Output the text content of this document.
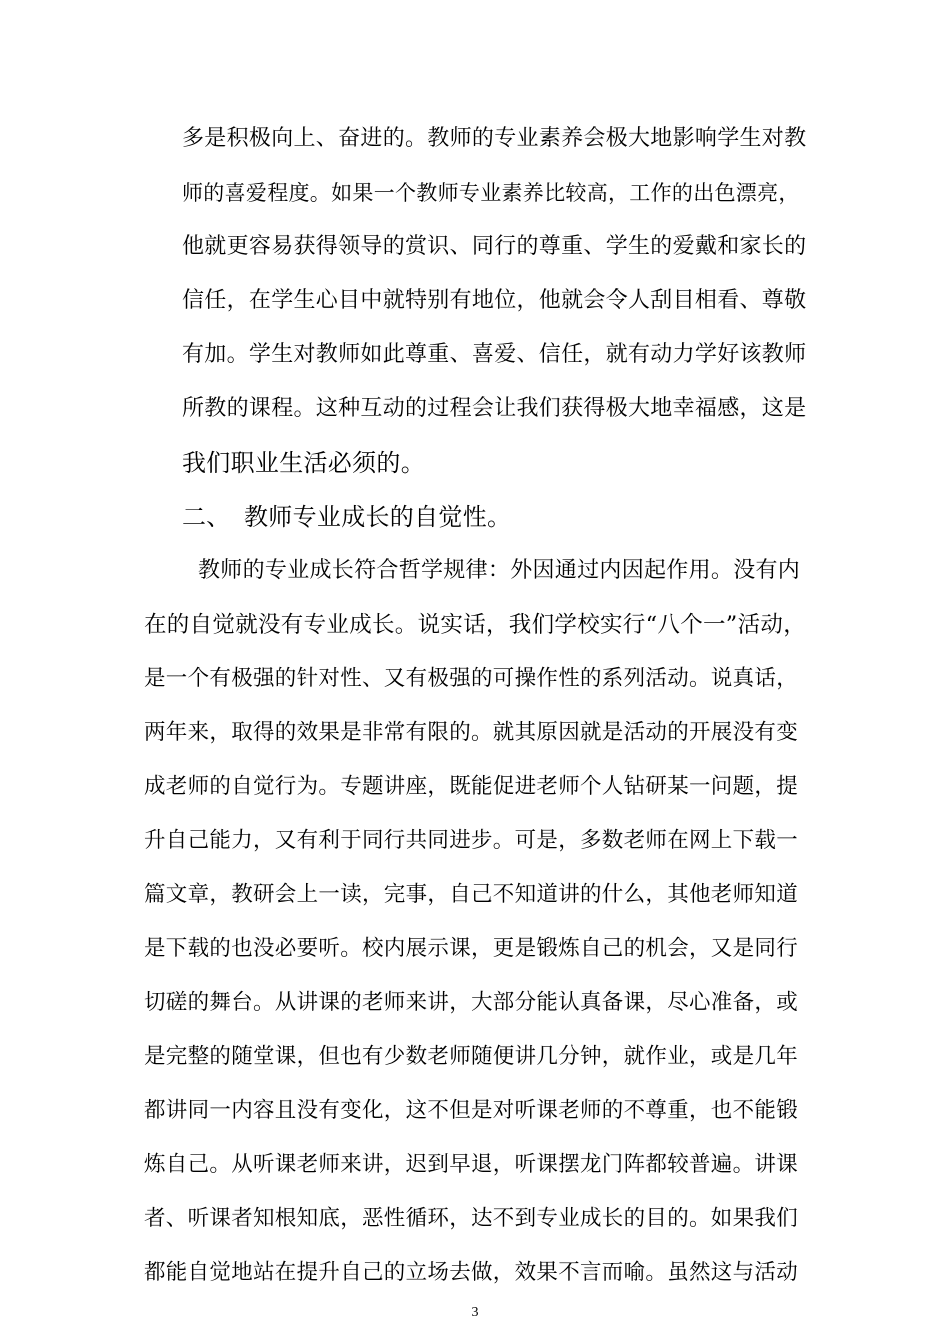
多是积极向上、奋进的。教师的专业素养会极大地影响学生对教
师的喜爱程度。如果一个教师专业素养比较高，工作的出色漂亮，
他就更容易获得领导的赏识、同行的尊重、学生的爱戴和家长的
信任，在学生心目中就特别有地位，他就会令人刮目相看、尊敬
有加。学生对教师如此尊重、喜爱、信任，就有动力学好该教师
所教的课程。这种互动的过程会让我们获得极大地幸福感，这是
我们职业生活必须的。
二、 教师专业成长的自觉性。
教师的专业成长符合哲学规律：外因通过内因起作用。没有内
在的自觉就没有专业成长。说实话，我们学校实行“八个一”活动，
是一个有极强的针对性、又有极强的可操作性的系列活动。说真话，
两年来，取得的效果是非常有限的。就其原因就是活动的开展没有变
成老师的自觉行为。专题讲座，既能促进老师个人钻研某一问题，提
升自己能力，又有利于同行共同进步。可是，多数老师在网上下载一
篇文章，教研会上一读，完事，自己不知道讲的什么，其他老师知道
是下载的也没必要听。校内展示课，更是锻炼自己的机会，又是同行
切磋的舞台。从讲课的老师来讲，大部分能认真备课，尽心准备，或
是完整的随堂课，但也有少数老师随便讲几分钟，就作业，或是几年
都讲同一内容且没有变化，这不但是对听课老师的不尊重，也不能锻
炼自己。从听课老师来讲，迟到早退，听课摆龙门阵都较普遍。讲课
者、听课者知根知底，恶性循环，达不到专业成长的目的。如果我们
都能自觉地站在提升自己的立场去做，效果不言而喻。虽然这与活动
3
